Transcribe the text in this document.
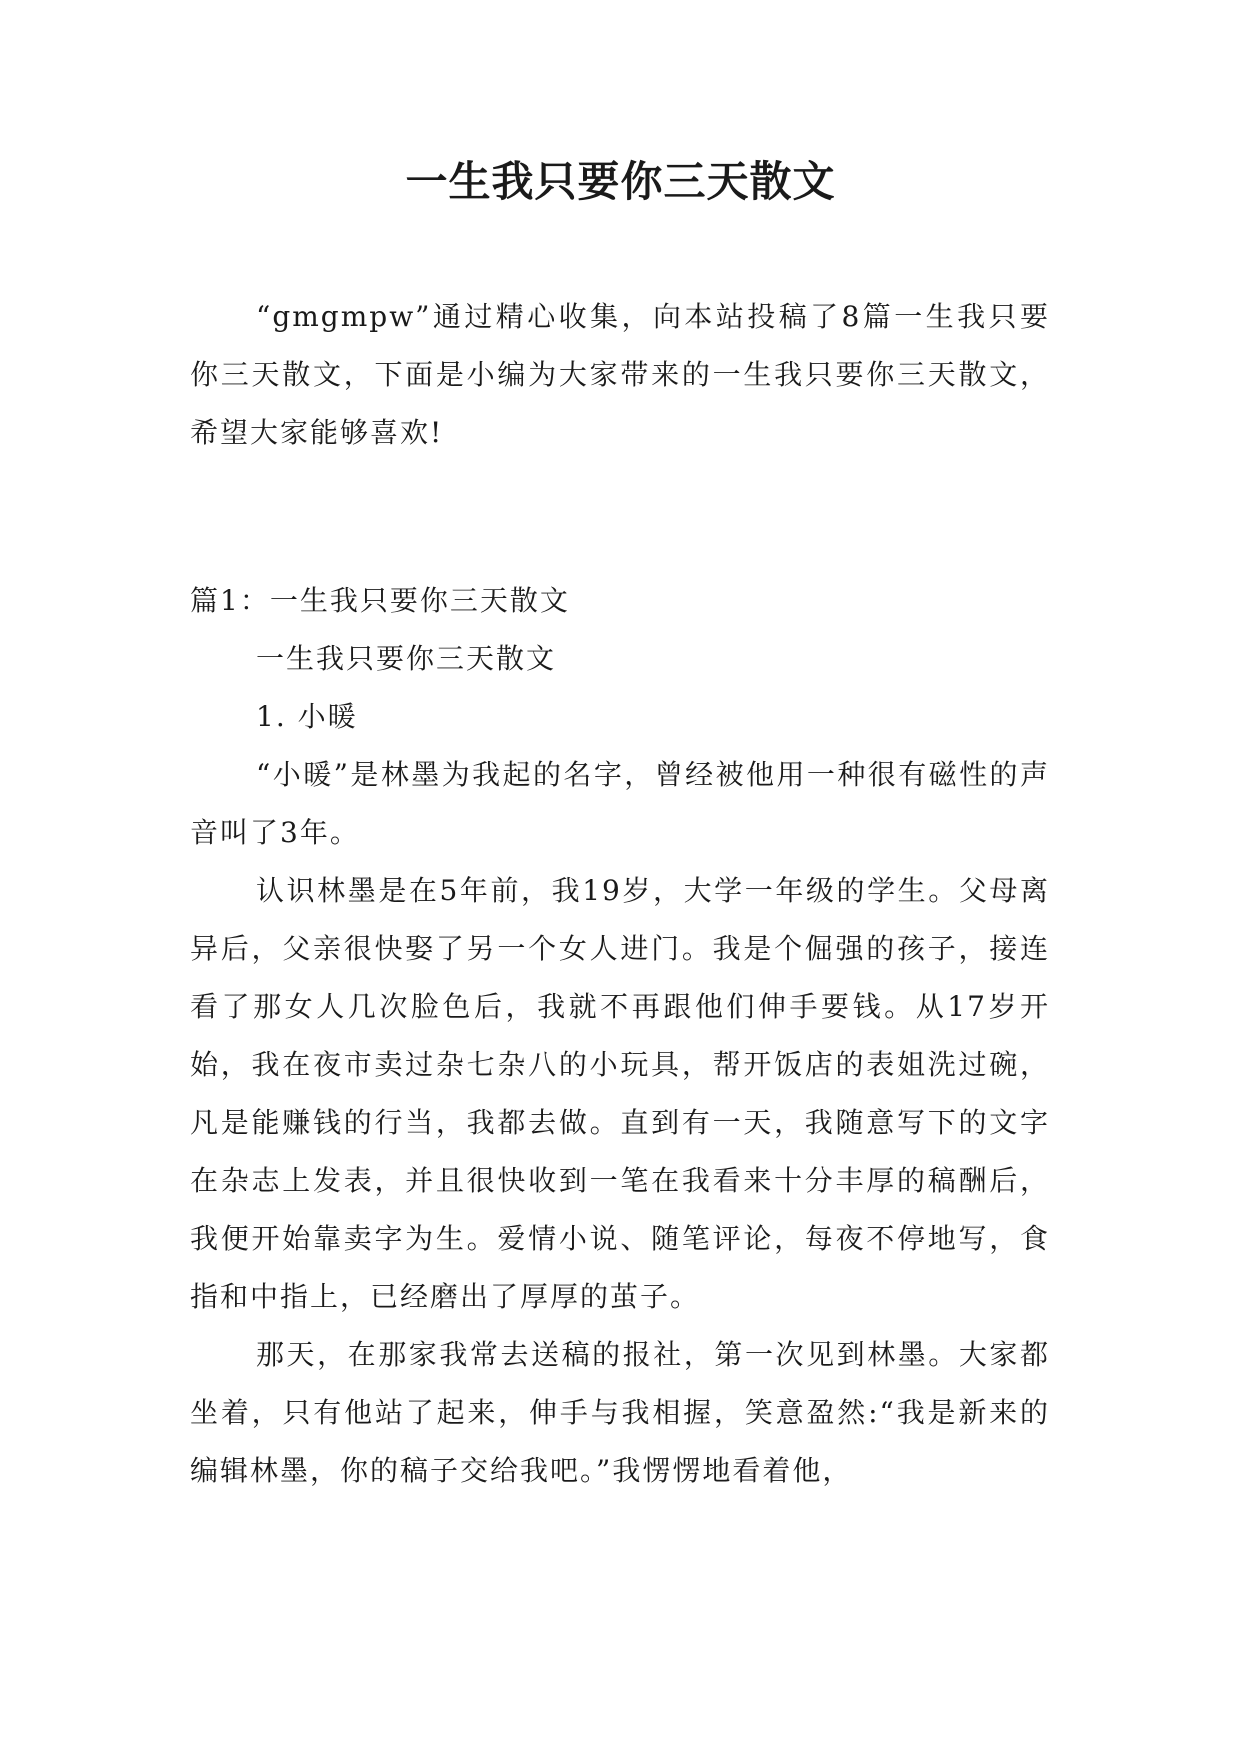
一生我只要你三天散文

“gmgmpw”通过精心收集，向本站投稿了8篇一生我只要你三天散文，下面是小编为大家带来的一生我只要你三天散文，希望大家能够喜欢!

篇1：一生我只要你三天散文

一生我只要你三天散文

1. 小暖

“小暖”是林墨为我起的名字，曾经被他用一种很有磁性的声音叫了3年。

认识林墨是在5年前，我19岁，大学一年级的学生。父母离异后，父亲很快娶了另一个女人进门。我是个倔强的孩子，接连看了那女人几次脸色后，我就不再跟他们伸手要钱。从17岁开始，我在夜市卖过杂七杂八的小玩具，帮开饭店的表姐洗过碗，凡是能赚钱的行当，我都去做。直到有一天，我随意写下的文字在杂志上发表，并且很快收到一笔在我看来十分丰厚的稿酬后，我便开始靠卖字为生。爱情小说、随笔评论，每夜不停地写，食指和中指上，已经磨出了厚厚的茧子。

那天，在那家我常去送稿的报社，第一次见到林墨。大家都坐着，只有他站了起来，伸手与我相握，笑意盈然:“我是新来的编辑林墨，你的稿子交给我吧。”我愣愣地看着他，
